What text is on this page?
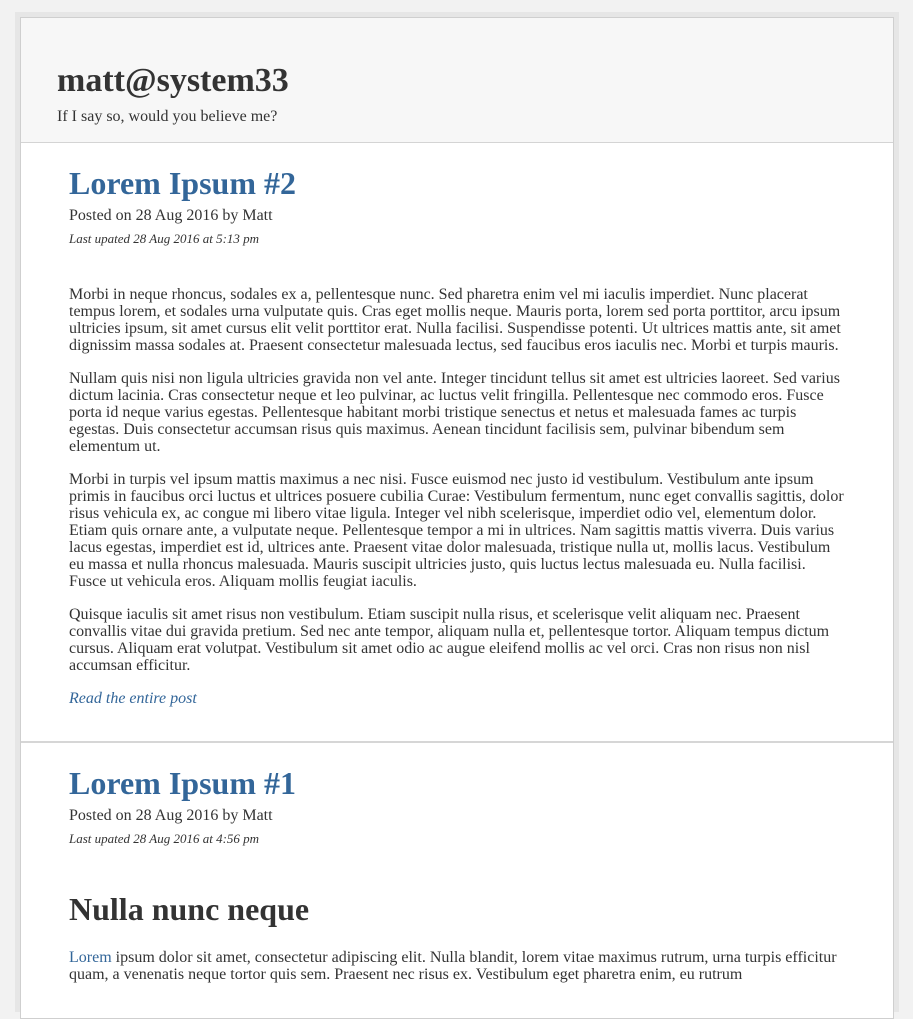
matt@system33

If I say so, would you believe me?

Lorem Ipsum #2

Posted on 28 Aug 2016 by Matt

Last upated 28 Aug 2016 at 5:13 pm

Morbi in neque rhoncus, sodales ex a, pellentesque nunc. Sed pharetra enim vel mi iaculis imperdiet. Nunc placerat tempus lorem, et sodales urna vulputate quis. Cras eget mollis neque. Mauris porta, lorem sed porta porttitor, arcu ipsum ultricies ipsum, sit amet cursus elit velit porttitor erat. Nulla facilisi. Suspendisse potenti. Ut ultrices mattis ante, sit amet dignissim massa sodales at. Praesent consectetur malesuada lectus, sed faucibus eros iaculis nec. Morbi et turpis mauris.

Nullam quis nisi non ligula ultricies gravida non vel ante. Integer tincidunt tellus sit amet est ultricies laoreet. Sed varius dictum lacinia. Cras consectetur neque et leo pulvinar, ac luctus velit fringilla. Pellentesque nec commodo eros. Fusce porta id neque varius egestas. Pellentesque habitant morbi tristique senectus et netus et malesuada fames ac turpis egestas. Duis consectetur accumsan risus quis maximus. Aenean tincidunt facilisis sem, pulvinar bibendum sem elementum ut.

Morbi in turpis vel ipsum mattis maximus a nec nisi. Fusce euismod nec justo id vestibulum. Vestibulum ante ipsum primis in faucibus orci luctus et ultrices posuere cubilia Curae: Vestibulum fermentum, nunc eget convallis sagittis, dolor risus vehicula ex, ac congue mi libero vitae ligula. Integer vel nibh scelerisque, imperdiet odio vel, elementum dolor. Etiam quis ornare ante, a vulputate neque. Pellentesque tempor a mi in ultrices. Nam sagittis mattis viverra. Duis varius lacus egestas, imperdiet est id, ultrices ante. Praesent vitae dolor malesuada, tristique nulla ut, mollis lacus. Vestibulum eu massa et nulla rhoncus malesuada. Mauris suscipit ultricies justo, quis luctus lectus malesuada eu. Nulla facilisi. Fusce ut vehicula eros. Aliquam mollis feugiat iaculis.

Quisque iaculis sit amet risus non vestibulum. Etiam suscipit nulla risus, et scelerisque velit aliquam nec. Praesent convallis vitae dui gravida pretium. Sed nec ante tempor, aliquam nulla et, pellentesque tortor. Aliquam tempus dictum cursus. Aliquam erat volutpat. Vestibulum sit amet odio ac augue eleifend mollis ac vel orci. Cras non risus non nisl accumsan efficitur.

Read the entire post
Lorem Ipsum #1

Posted on 28 Aug 2016 by Matt

Last upated 28 Aug 2016 at 4:56 pm

Nulla nunc neque

Lorem ipsum dolor sit amet, consectetur adipiscing elit. Nulla blandit, lorem vitae maximus rutrum, urna turpis efficitur quam, a venenatis neque tortor quis sem. Praesent nec risus ex. Vestibulum eget pharetra enim, eu rutrum
